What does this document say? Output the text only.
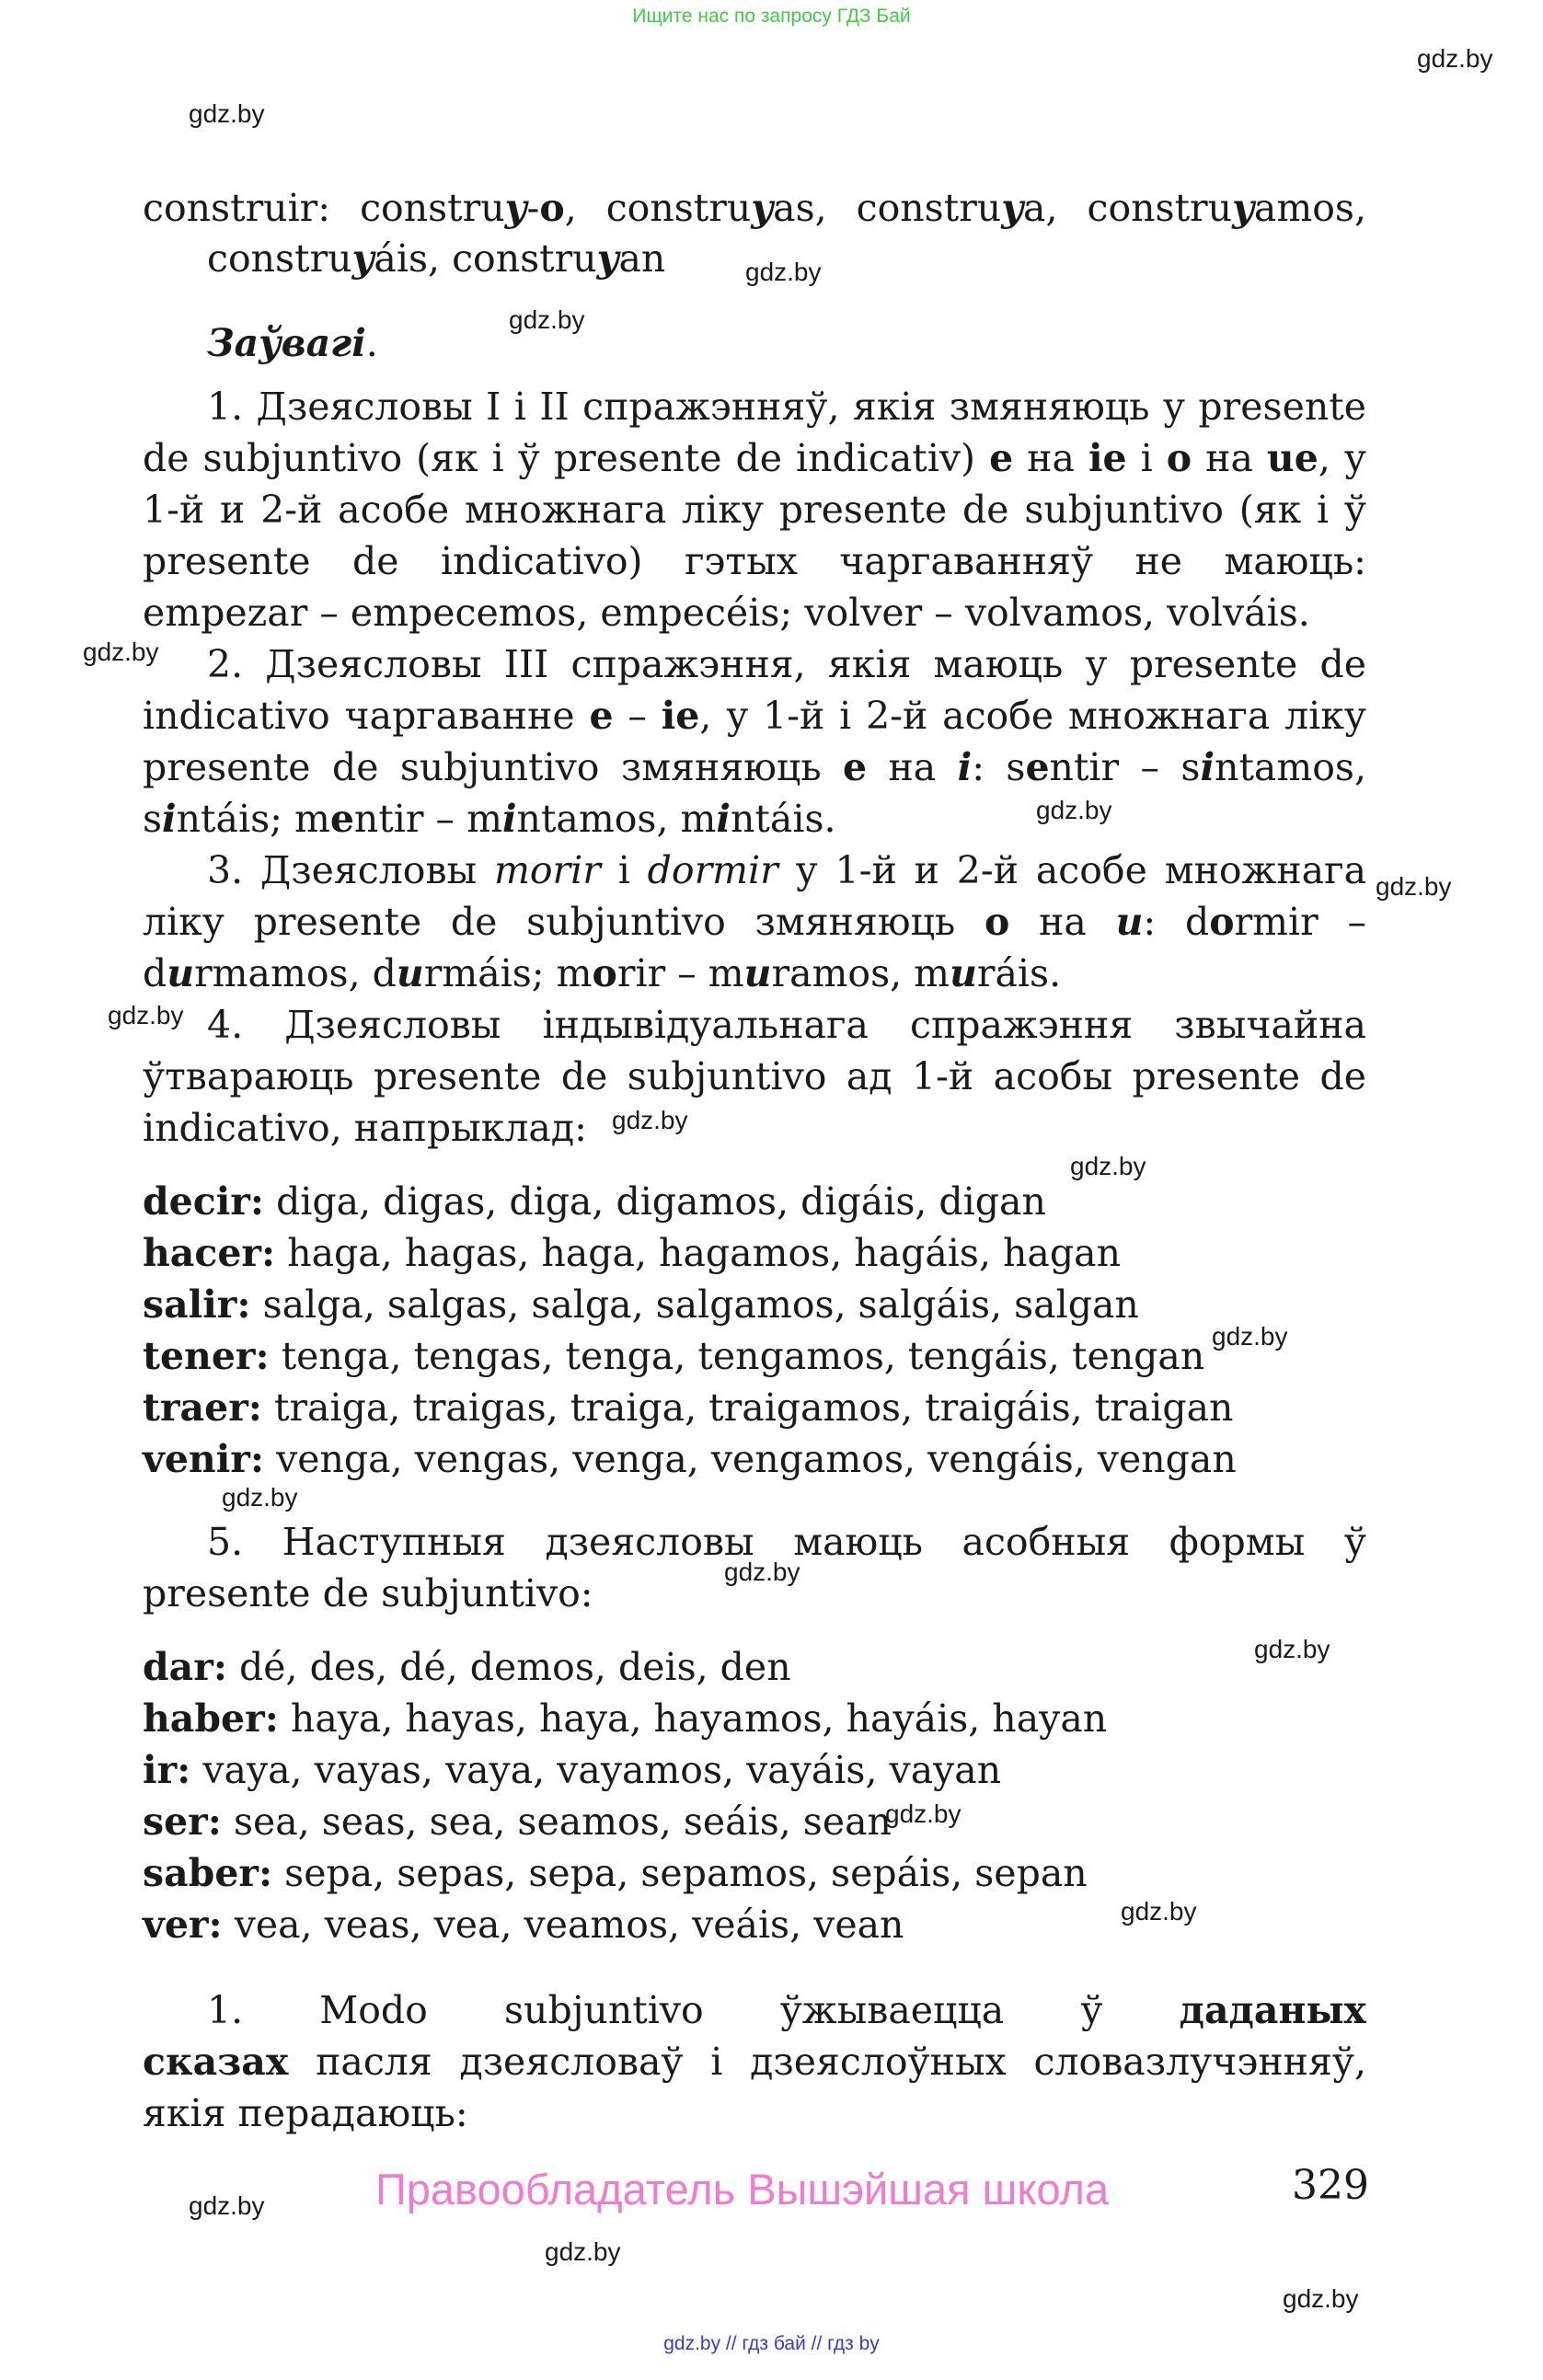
Ищите нас по запросу ГДЗ Бай
gdz.by
gdz.by
gdz.by
gdz.by
gdz.by
gdz.by
gdz.by
gdz.by
gdz.by
gdz.by
gdz.by
gdz.by
gdz.by
gdz.by
gdz.by
gdz.by
gdz.by
gdz.by
gdz.by
construir: construy-o, construyas, construya, construyamos,
construyáis, construyan
Заўвагі.
1. Дзеясловы I і II спражэнняў, якія змяняюць у presente
de subjuntivo (як і ў presente de indicativ) e на ie і o на ue, у
1-й и 2-й асобе множнага ліку presente de subjuntivo (як і ў
presente de indicativo) гэтых чаргаванняў не маюць:
empezar – empecemos, empecéis; volver – volvamos, volváis.
2. Дзеясловы III спражэння, якія маюць у presente de
indicativo чаргаванне e – ie, у 1-й і 2-й асобе множнага ліку
presente de subjuntivo змяняюць e на i: sentir – sintamos,
sintáis; mentir – mintamos, mintáis.
3. Дзеясловы morir і dormir у 1-й и 2-й асобе множнага
ліку presente de subjuntivo змяняюць o на u: dormir –
durmamos, durmáis; morir – muramos, muráis.
4. Дзеясловы індывідуальнага спражэння звычайна
ўтвараюць presente de subjuntivo ад 1-й асобы presente de
indicativo, напрыклад:
decir: diga, digas, diga, digamos, digáis, digan
hacer: haga, hagas, haga, hagamos, hagáis, hagan
salir: salga, salgas, salga, salgamos, salgáis, salgan
tener: tenga, tengas, tenga, tengamos, tengáis, tengan
traer: traiga, traigas, traiga, traigamos, traigáis, traigan
venir: venga, vengas, venga, vengamos, vengáis, vengan
5. Наступныя дзеясловы маюць асобныя формы ў
presente de subjuntivo:
dar: dé, des, dé, demos, deis, den
haber: haya, hayas, haya, hayamos, hayáis, hayan
ir: vaya, vayas, vaya, vayamos, vayáis, vayan
ser: sea, seas, sea, seamos, seáis, sean
saber: sepa, sepas, sepa, sepamos, sepáis, sepan
ver: vea, veas, vea, veamos, veáis, vean
1. Modo subjuntivo ўжываецца ў даданых
сказах пасля дзеясловаў і дзеяслоўных словазлучэнняў,
якія перадаюць:
Правообладатель Вышэйшая школа	329
gdz.by // гдз бай // гдз by
